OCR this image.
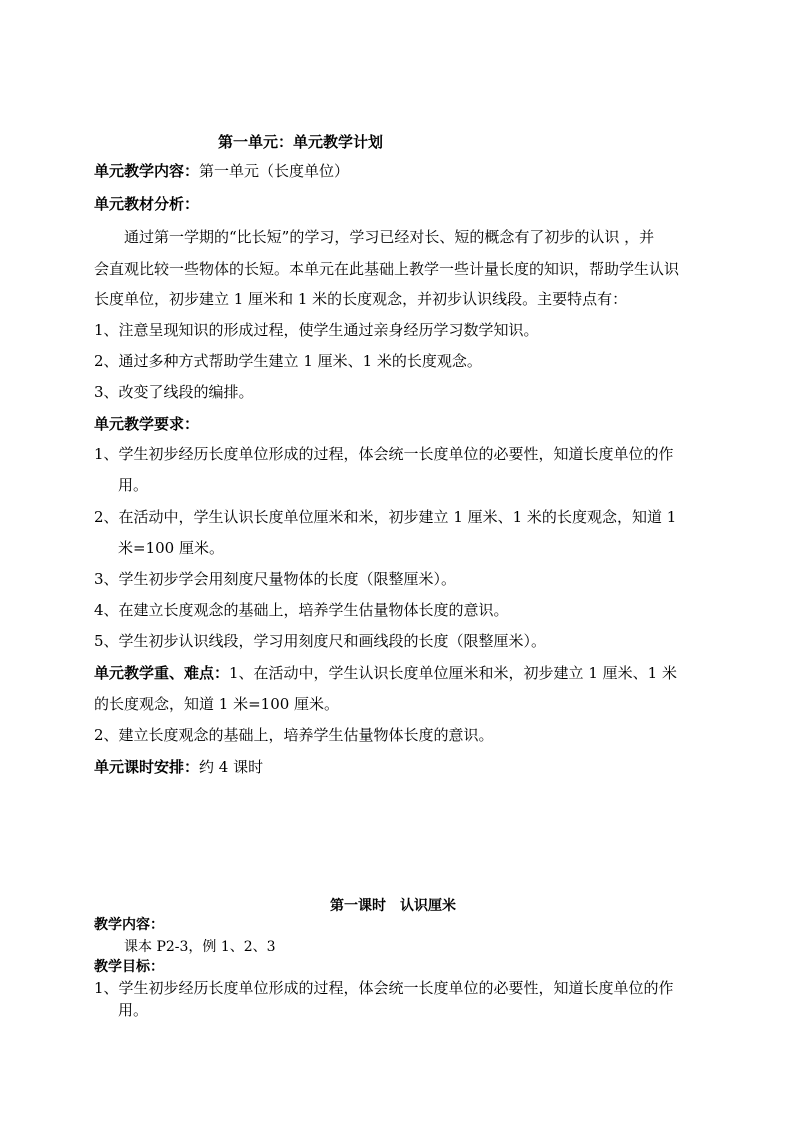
第一单元：单元教学计划
单元教学内容：第一单元（长度单位）
单元教材分析：
通过第一学期的“比长短”的学习，学习已经对长、短的概念有了初步的认识 ，并
会直观比较一些物体的长短。本单元在此基础上教学一些计量长度的知识，帮助学生认识
长度单位，初步建立 1 厘米和 1 米的长度观念，并初步认识线段。主要特点有：
1、注意呈现知识的形成过程，使学生通过亲身经历学习数学知识。
2、通过多种方式帮助学生建立 1 厘米、1 米的长度观念。
3、改变了线段的编排。
单元教学要求：
1、学生初步经历长度单位形成的过程，体会统一长度单位的必要性，知道长度单位的作
用。
2、在活动中，学生认识长度单位厘米和米，初步建立 1 厘米、1 米的长度观念，知道 1
米=100 厘米。
3、学生初步学会用刻度尺量物体的长度（限整厘米）。
4、在建立长度观念的基础上，培养学生估量物体长度的意识。
5、学生初步认识线段，学习用刻度尺和画线段的长度（限整厘米）。
单元教学重、难点：1、在活动中，学生认识长度单位厘米和米，初步建立 1 厘米、1 米
的长度观念，知道 1 米=100 厘米。
2、建立长度观念的基础上，培养学生估量物体长度的意识。
单元课时安排：约 4 课时
第一课时　认识厘米
教学内容：
课本 P2-3，例 1、2、3
教学目标：
1、学生初步经历长度单位形成的过程，体会统一长度单位的必要性，知道长度单位的作
用。
